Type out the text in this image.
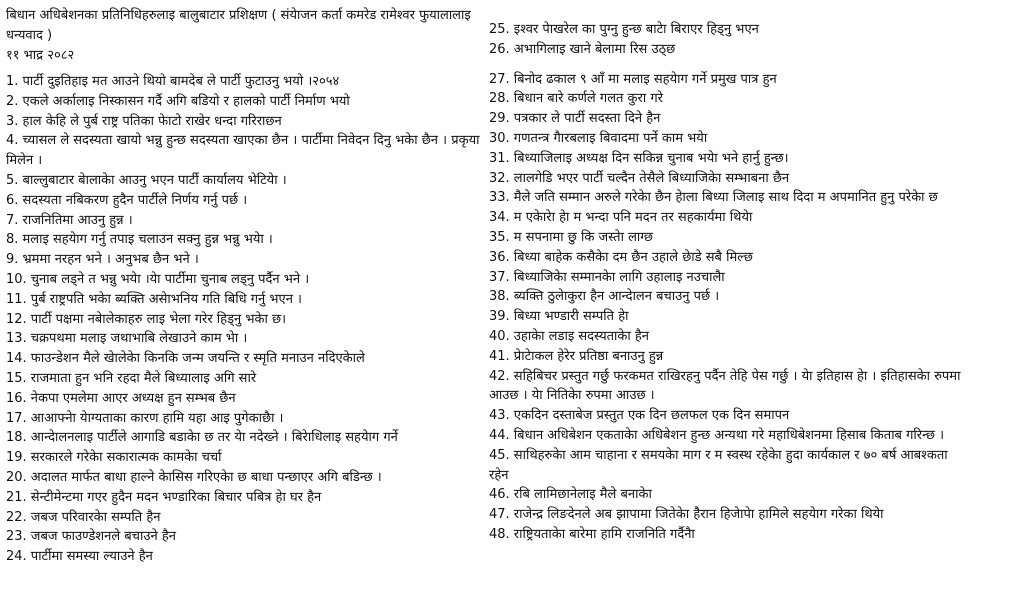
बिधान अधिबेशनका प्रतिनिधिहरुलाइ बालुबाटार प्रशिक्षण ( संयेाजन कर्ता कमरेड रामेश्वर फुयालालाइ धन्यवाद )

११ भाद्र २०८२

1. पार्टी दुइतिहाइ मत आउने थियो बामदेब ले पार्टी फुटाउनु भयो ।२०५४
2. एकले अर्कालाइ निस्कासन गर्दै अगि बडियो र हालको पार्टी निर्माण भयो
3. हाल केहि ले पुर्ब राष्ट्र पतिका फेाटो राखेर धन्दा गरिराछन
4. च्यासल ले सदस्यता खायो भन्नु हुन्छ सदस्यता खाएका छैन । पार्टीमा निवेदन दिनु भकेा छैन । प्रकृया मिलेन ।
5. बाल्लुबाटार बेालाकेा आउनु भएन पार्टी कार्यालय भेटियेा ।
6. सदस्यता नबिकरण हुदैन पार्टीले निर्णय गर्नु पर्छ ।
7. राजनितिमा आउनु हुन्न ।
8. मलाइ सहयेाग गर्नु तपाइ चलाउन सक्नु हुन्न भन्नु भयेा ।
9. भ्रममा नरहन भने । अनुभब छैन भने ।
10. चुनाब लड्ने त भन्नु भयेा ।येा पार्टीमा चुनाब लड्नु पर्दैन भने ।
11. पुर्ब राष्ट्रपति भकेा ब्यक्ति असेाभनिय गति बिधि गर्नु भएन ।
12. पार्टी पक्षमा नबेालेकाहरु लाइ भेला गरेर हिड्नु भकेा छ।
13. चक्रपथमा मलाइ जथाभाबि लेखाउने काम भेा ।
14. फाउन्डेशन मैले खेालेकेा किनकि जन्म जयन्ति र स्मृति मनाउन नदिएकेाले
15. राजमाता हुन भनि रहदा मैले बिध्यालाइ अगि सारे
16. नेकपा एमलेमा आएर अध्यक्ष हुन सम्भब छैन
17. आआफ्नेा येाग्यताका कारण हामि यहा आइ पुगेकाछैा ।
18. आन्देालनलाइ पार्टीले आगाडि बडाकेा छ तर येा नदेख्ने । बिरेाधिलाइ सहयेाग गर्ने
19. सरकारले गरेकेा सकारात्मक कामकेा चर्चा
20. अदालत मार्फत बाधा हाल्ने केासिस गरिएकेा छ बाधा पन्छाएर अगि बडिन्छ ।
21. सेन्टीमेन्टमा गएर हुदैन मदन भण्डारिका बिचार पबित्र हेा घर हैन
22. जबज परिवारकेा सम्पति हैन
23. जबज फाउण्डेशनले बचाउने हैन
24. पार्टीमा समस्या ल्याउने हैन
25. इश्वर पेाखरेल का पुग्नु हुन्छ बाटेा बिराएर हिड्नु भएन
26. अभागिलाइ खाने बेलामा रिस उठ्छ
27. बिनाेद ढकाल ९ आँ मा मलाइ सहयेाग गर्ने प्रमुख पात्र हुन
28. बिधान बारे कर्णले गलत कुरा गरे
29. पत्रकार ले पार्टी सदस्ता दिने हैन
30. गणतन्त्र गैारबलाइ बिवादमा पर्ने काम भयेा
31. बिध्याजिलाइ अध्यक्ष दिन सकिन्न चुनाब भयेा भने हार्नु हुन्छ।
32. लालगेडि भएर पार्टी चल्दैन तेसैले बिध्याजिकेा सम्भाबना छैन
33. मैले जति सम्मान अरुले गरेकेा छैन हेाला बिध्या जिलाइ साथ दिदा म अपमानित हुनु परेकेा छ
34. म एकेारेा हेा म भन्दा पनि मदन तर सहकार्यमा थियेा
35. म सपनामा छु कि जस्तेा लाग्छ
36. बिध्या बाहेक कसैकेा दम छैन उहाले छेाडे सबै मिल्छ
37. बिध्याजिकेा सम्मानकेा लागि उहालाइ नउचालैा
38. ब्यक्ति ठुलेाकुरा हैन आन्देालन बचाउनु पर्छ ।
39. बिध्या भण्डारी सम्पति हेा
40. उहाकेा लडाइ सदस्यताकेा हैन
41. प्रेाटेाकल हेरेर प्रतिष्ठा बनाउनु हुन्न
42. सहिबिचर प्रस्तुत गर्छु फरकमत राखिरहनु पर्दैन तेहि पेस गर्छु । येा इतिहास हेा । इतिहासकेा रुपमा आउछ । येा नितिकेा रुपमा आउछ ।
43. एकदिन दस्ताबेज प्रस्तुत एक दिन छलफल एक दिन समापन
44. बिधान अधिबेशन एकताकेा अधिबेशन हुन्छ अन्यथा गरे महाधिबेशनमा हिसाब किताब गरिन्छ ।
45. साथिहरुकेा आम चाहाना र समयकेा माग र म स्वस्थ रहेकेा हुदा कार्यकाल र ७० बर्ष आबश्कता रहेन
46. रबि लामिछानेलाइ मैले बनाकेा
47. राजेन्द्र लिङदेनले अब झापामा जितेकेा हेैरान हिजेापेा हामिले सहयेाग गरेका थियेा
48. राष्ट्रियताकेा बारेमा हामि राजनिति गर्दैनैा
